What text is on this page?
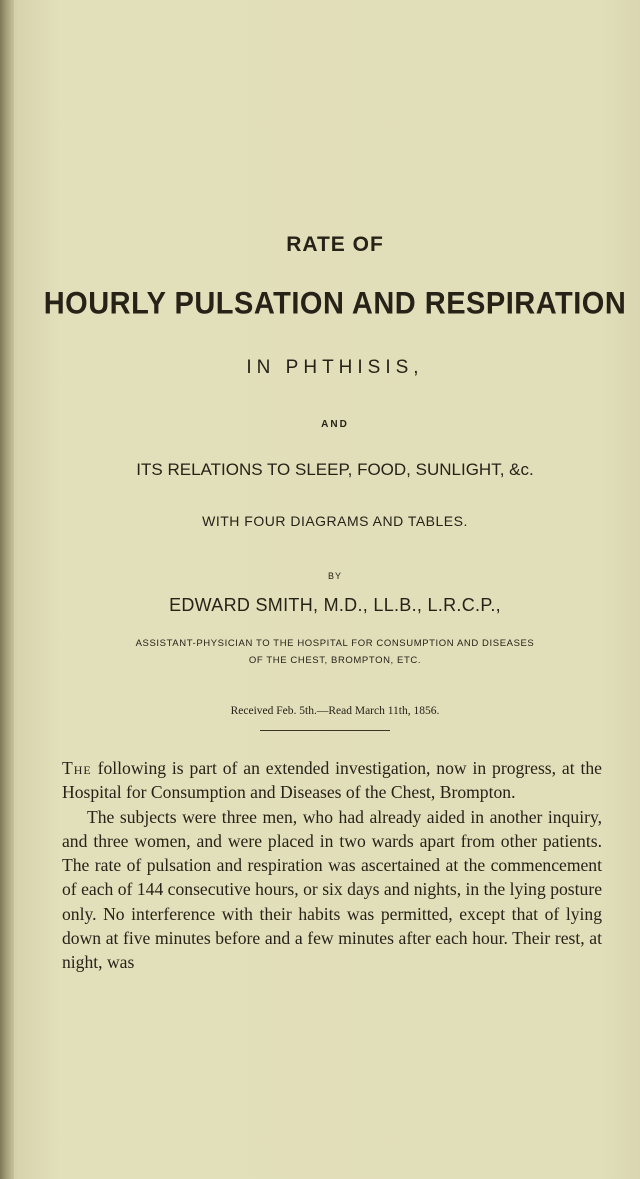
RATE OF
HOURLY PULSATION AND RESPIRATION
IN PHTHISIS,
AND
ITS RELATIONS TO SLEEP, FOOD, SUNLIGHT, &c.
WITH FOUR DIAGRAMS AND TABLES.
BY
EDWARD SMITH, M.D., LL.B., L.R.C.P.,
ASSISTANT-PHYSICIAN TO THE HOSPITAL FOR CONSUMPTION AND DISEASES
OF THE CHEST, BROMPTON, ETC.
Received Feb. 5th.—Read March 11th, 1856.

The following is part of an extended investigation, now in progress, at the Hospital for Consumption and Diseases of the Chest, Brompton.

The subjects were three men, who had already aided in another inquiry, and three women, and were placed in two wards apart from other patients. The rate of pulsation and respiration was ascertained at the commencement of each of 144 consecutive hours, or six days and nights, in the lying posture only. No interference with their habits was permitted, except that of lying down at five minutes before and a few minutes after each hour. Their rest, at night, was
